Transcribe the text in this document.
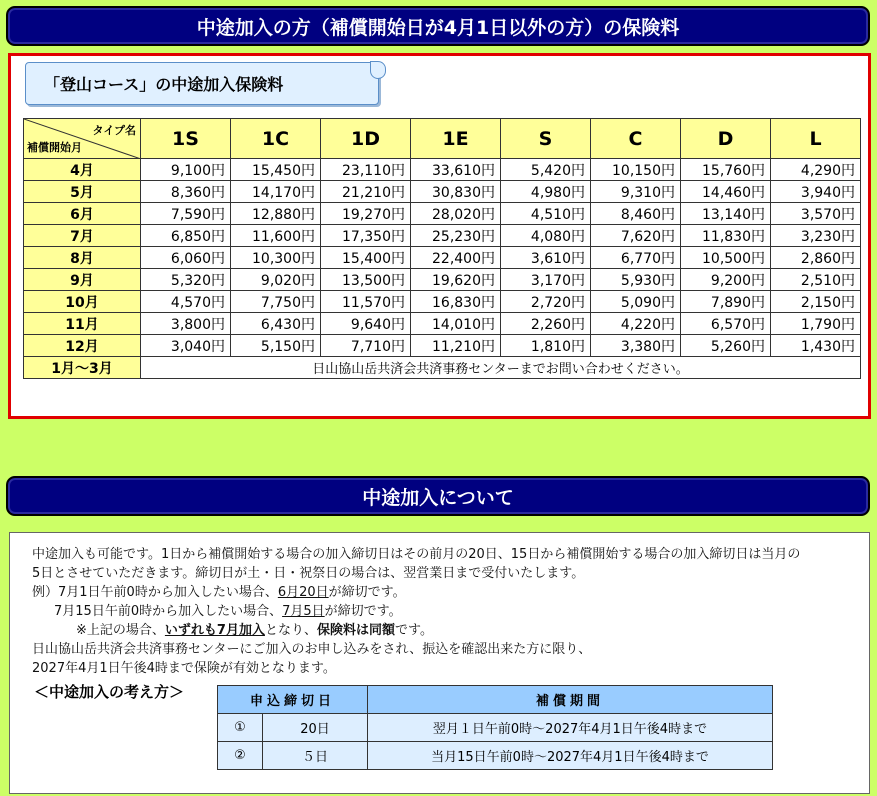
中途加入の方（補償開始日が4月1日以外の方）の保険料
「登山コース」の中途加入保険料
タイプ名
補償開始月	1S	1C	1D	1E	S	C	D	L
4月	9,100円	15,450円	23,110円	33,610円	5,420円	10,150円	15,760円	4,290円
5月	8,360円	14,170円	21,210円	30,830円	4,980円	9,310円	14,460円	3,940円
6月	7,590円	12,880円	19,270円	28,020円	4,510円	8,460円	13,140円	3,570円
7月	6,850円	11,600円	17,350円	25,230円	4,080円	7,620円	11,830円	3,230円
8月	6,060円	10,300円	15,400円	22,400円	3,610円	6,770円	10,500円	2,860円
9月	5,320円	9,020円	13,500円	19,620円	3,170円	5,930円	9,200円	2,510円
10月	4,570円	7,750円	11,570円	16,830円	2,720円	5,090円	7,890円	2,150円
11月	3,800円	6,430円	9,640円	14,010円	2,260円	4,220円	6,570円	1,790円
12月	3,040円	5,150円	7,710円	11,210円	1,810円	3,380円	5,260円	1,430円
1月～3月	日山協山岳共済会共済事務センターまでお問い合わせください。							
中途加入について
中途加入も可能です。1日から補償開始する場合の加入締切日はその前月の20日、15日から補償開始する場合の加入締切日は当月の
5日とさせていただきます。締切日が土・日・祝祭日の場合は、翌営業日まで受付いたします。
例）7月1日午前0時から加入したい場合、6月20日が締切です。
7月15日午前0時から加入したい場合、7月5日が締切です。
※上記の場合、いずれも7月加入となり、保険料は同額です。
日山協山岳共済会共済事務センターにご加入のお申し込みをされ、振込を確認出来た方に限り、
2027年4月1日午後4時まで保険が有効となります。
＜中途加入の考え方＞
申込締切日		補償期間
①	20日	翌月１日午前0時～2027年4月1日午後4時まで
②	５日	当月15日午前0時～2027年4月1日午後4時まで
